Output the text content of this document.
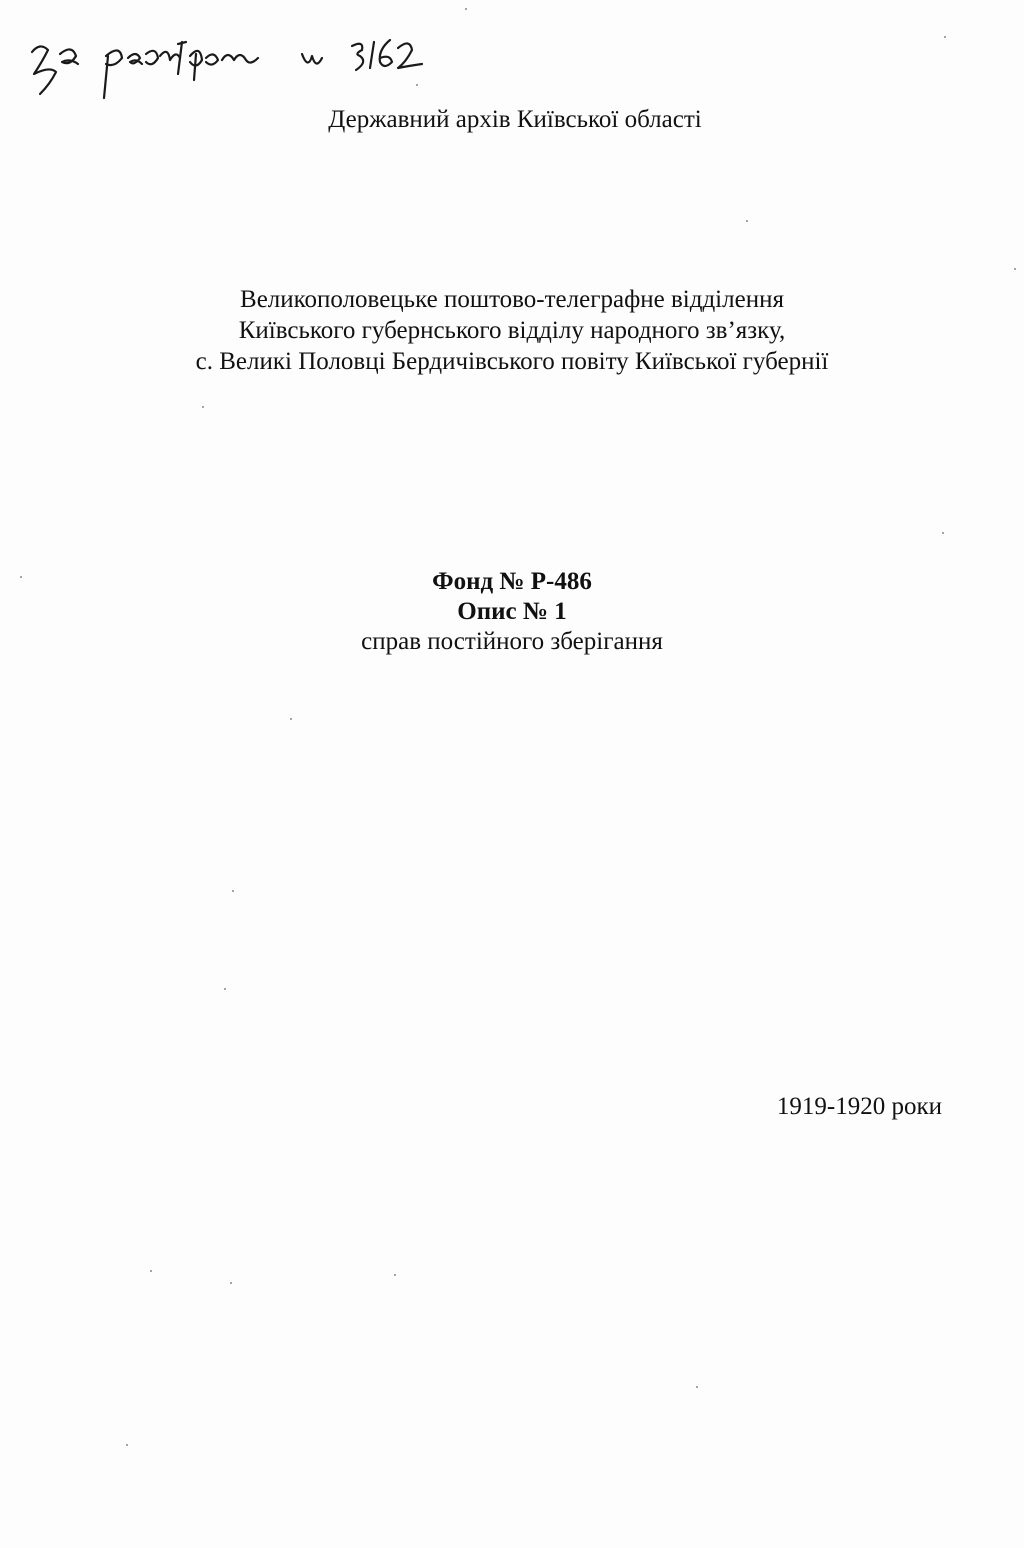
Державний архів Київської області
Великополовецьке поштово-телеграфне відділення
Київського губернського відділу народного зв’язку,
с. Великі Половці Бердичівського повіту Київської губернії
Фонд № Р-486
Опис № 1
справ постійного зберігання
1919-1920 роки
